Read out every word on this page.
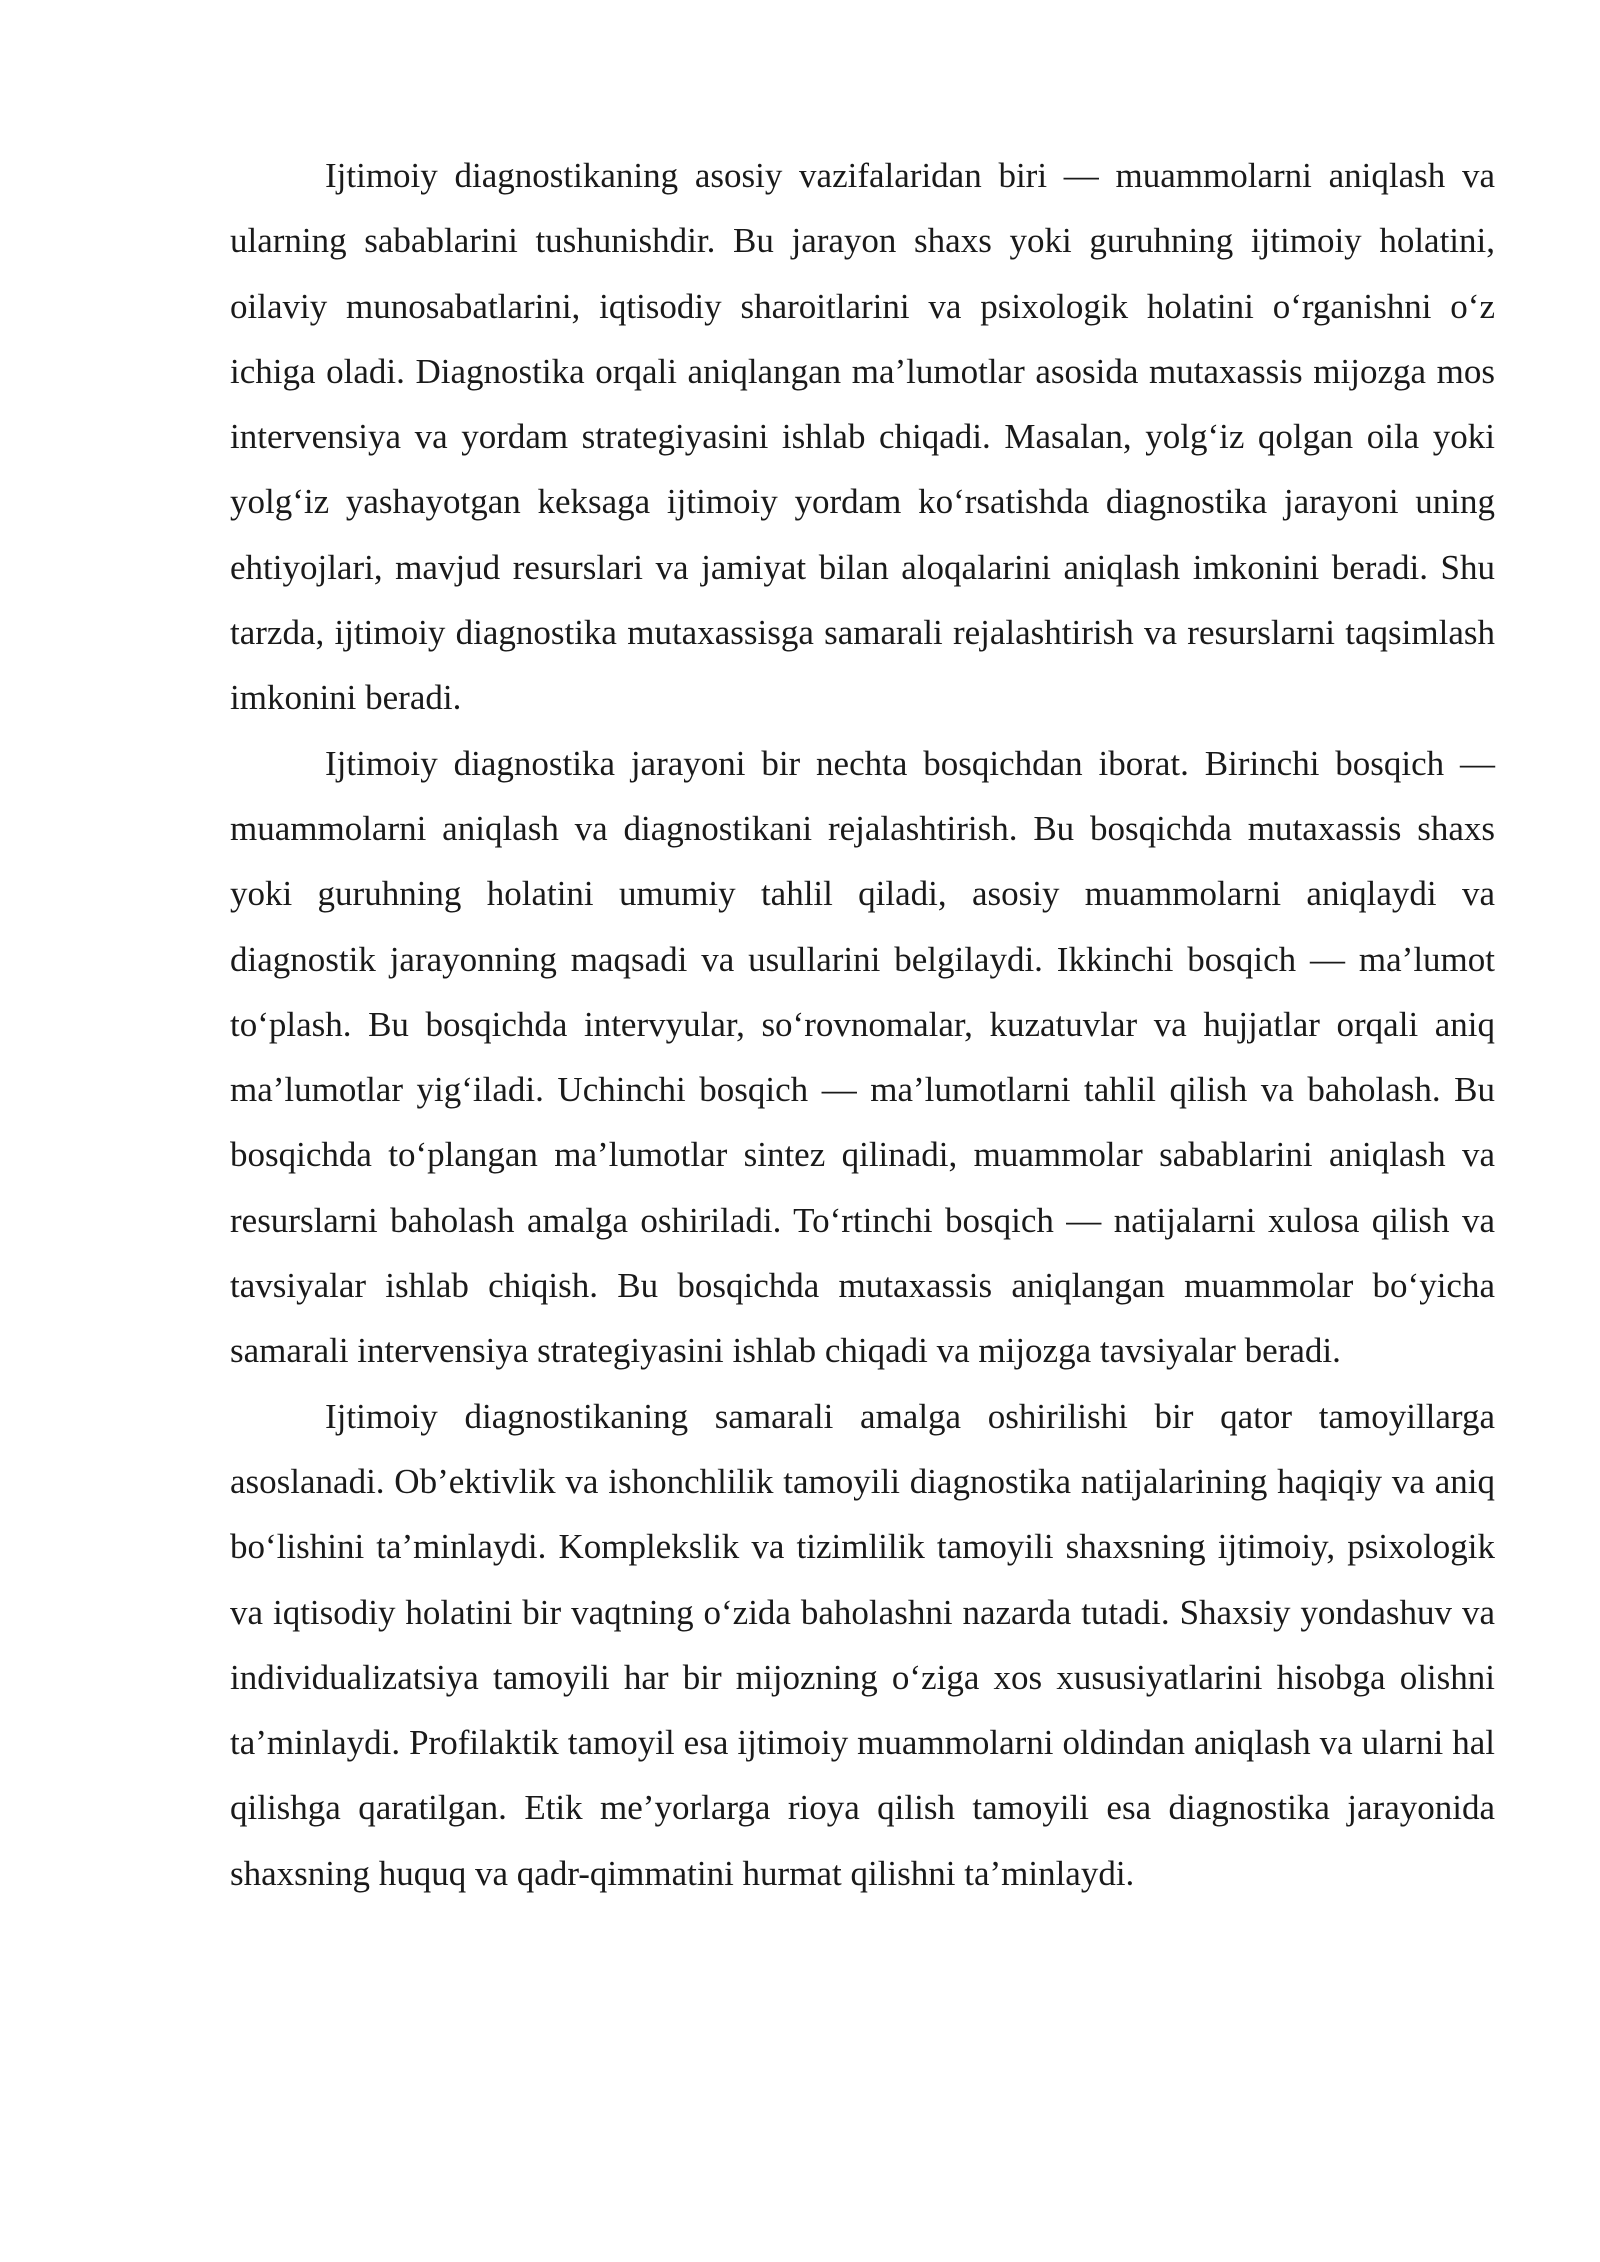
Ijtimoiy diagnostikaning asosiy vazifalaridan biri — muammolarni aniqlash va ularning sabablarini tushunishdir. Bu jarayon shaxs yoki guruhning ijtimoiy holatini, oilaviy munosabatlarini, iqtisodiy sharoitlarini va psixologik holatini o‘rganishni o‘z ichiga oladi. Diagnostika orqali aniqlangan ma’lumotlar asosida mutaxassis mijozga mos intervensiya va yordam strategiyasini ishlab chiqadi. Masalan, yolg‘iz qolgan oila yoki yolg‘iz yashayotgan keksaga ijtimoiy yordam ko‘rsatishda diagnostika jarayoni uning ehtiyojlari, mavjud resurslari va jamiyat bilan aloqalarini aniqlash imkonini beradi. Shu tarzda, ijtimoiy diagnostika mutaxassisga samarali rejalashtirish va resurslarni taqsimlash imkonini beradi.

Ijtimoiy diagnostika jarayoni bir nechta bosqichdan iborat. Birinchi bosqich — muammolarni aniqlash va diagnostikani rejalashtirish. Bu bosqichda mutaxassis shaxs yoki guruhning holatini umumiy tahlil qiladi, asosiy muammolarni aniqlaydi va diagnostik jarayonning maqsadi va usullarini belgilaydi. Ikkinchi bosqich — ma’lumot to‘plash. Bu bosqichda intervyular, so‘rovnomalar, kuzatuvlar va hujjatlar orqali aniq ma’lumotlar yig‘iladi. Uchinchi bosqich — ma’lumotlarni tahlil qilish va baholash. Bu bosqichda to‘plangan ma’lumotlar sintez qilinadi, muammolar sabablarini aniqlash va resurslarni baholash amalga oshiriladi. To‘rtinchi bosqich — natijalarni xulosa qilish va tavsiyalar ishlab chiqish. Bu bosqichda mutaxassis aniqlangan muammolar bo‘yicha samarali intervensiya strategiyasini ishlab chiqadi va mijozga tavsiyalar beradi.

Ijtimoiy diagnostikaning samarali amalga oshirilishi bir qator tamoyillarga asoslanadi. Ob’ektivlik va ishonchlilik tamoyili diagnostika natijalarining haqiqiy va aniq bo‘lishini ta’minlaydi. Komplekslik va tizimlilik tamoyili shaxsning ijtimoiy, psixologik va iqtisodiy holatini bir vaqtning o‘zida baholashni nazarda tutadi. Shaxsiy yondashuv va individualizatsiya tamoyili har bir mijozning o‘ziga xos xususiyatlarini hisobga olishni ta’minlaydi. Profilaktik tamoyil esa ijtimoiy muammolarni oldindan aniqlash va ularni hal qilishga qaratilgan. Etik me’yorlarga rioya qilish tamoyili esa diagnostika jarayonida shaxsning huquq va qadr-qimmatini hurmat qilishni ta’minlaydi.
